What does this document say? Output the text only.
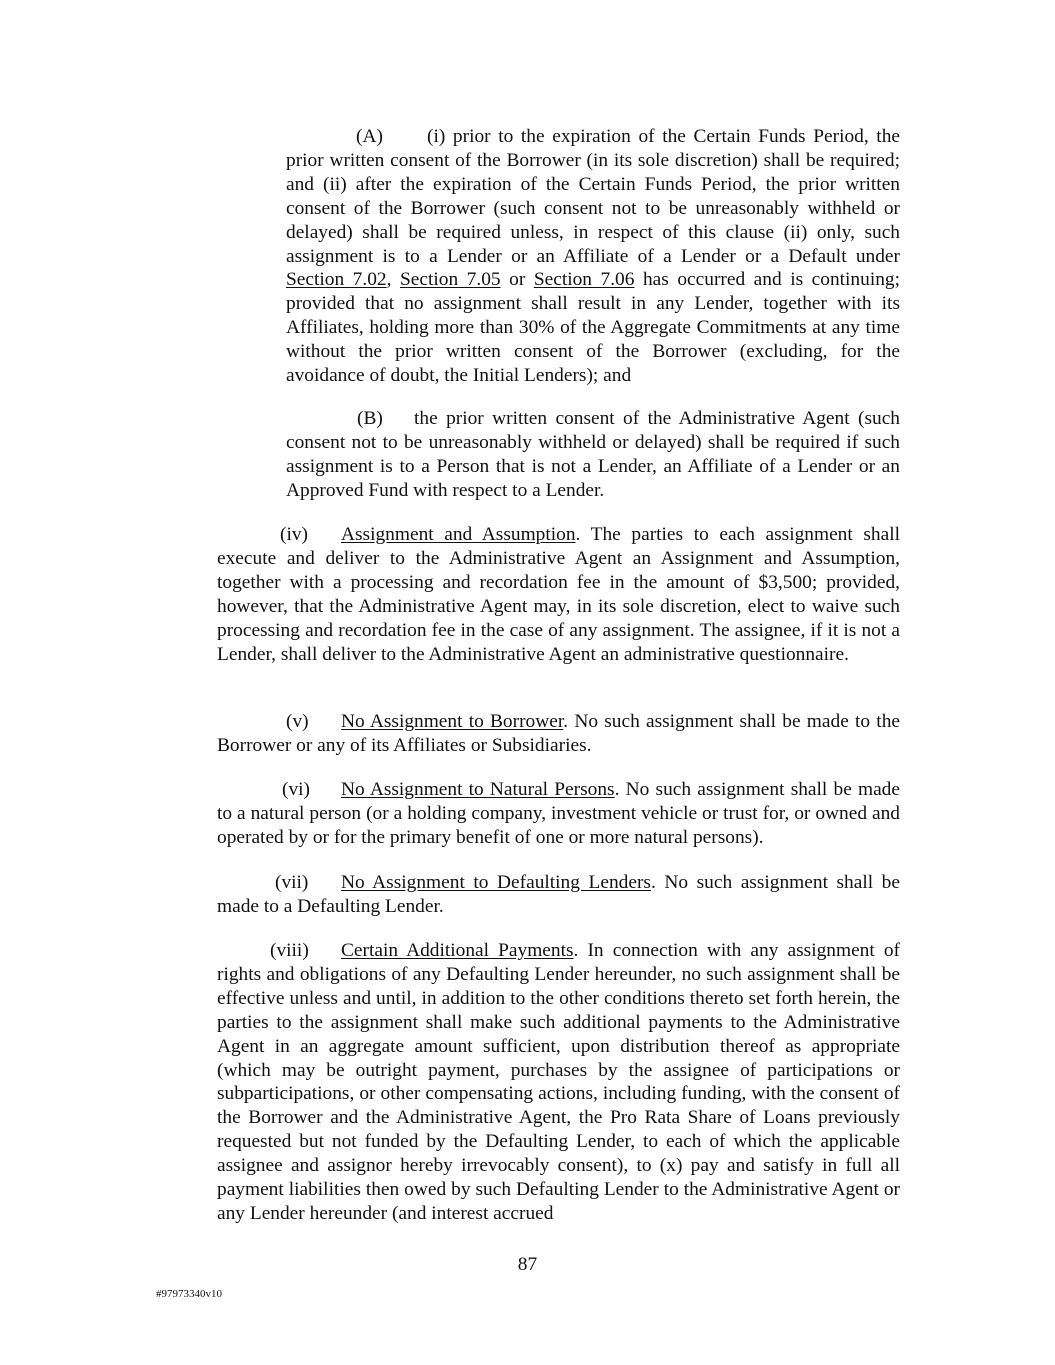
(A) (i) prior to the expiration of the Certain Funds Period, the prior written consent of the Borrower (in its sole discretion) shall be required; and (ii) after the expiration of the Certain Funds Period, the prior written consent of the Borrower (such consent not to be unreasonably withheld or delayed) shall be required unless, in respect of this clause (ii) only, such assignment is to a Lender or an Affiliate of a Lender or a Default under Section 7.02, Section 7.05 or Section 7.06 has occurred and is continuing; provided that no assignment shall result in any Lender, together with its Affiliates, holding more than 30% of the Aggregate Commitments at any time without the prior written consent of the Borrower (excluding, for the avoidance of doubt, the Initial Lenders); and

(B) the prior written consent of the Administrative Agent (such consent not to be unreasonably withheld or delayed) shall be required if such assignment is to a Person that is not a Lender, an Affiliate of a Lender or an Approved Fund with respect to a Lender.

(iv) Assignment and Assumption. The parties to each assignment shall execute and deliver to the Administrative Agent an Assignment and Assumption, together with a processing and recordation fee in the amount of $3,500; provided, however, that the Administrative Agent may, in its sole discretion, elect to waive such processing and recordation fee in the case of any assignment. The assignee, if it is not a Lender, shall deliver to the Administrative Agent an administrative questionnaire.

(v) No Assignment to Borrower. No such assignment shall be made to the Borrower or any of its Affiliates or Subsidiaries.

(vi) No Assignment to Natural Persons. No such assignment shall be made to a natural person (or a holding company, investment vehicle or trust for, or owned and operated by or for the primary benefit of one or more natural persons).

(vii) No Assignment to Defaulting Lenders. No such assignment shall be made to a Defaulting Lender.

(viii) Certain Additional Payments. In connection with any assignment of rights and obligations of any Defaulting Lender hereunder, no such assignment shall be effective unless and until, in addition to the other conditions thereto set forth herein, the parties to the assignment shall make such additional payments to the Administrative Agent in an aggregate amount sufficient, upon distribution thereof as appropriate (which may be outright payment, purchases by the assignee of participations or subparticipations, or other compensating actions, including funding, with the consent of the Borrower and the Administrative Agent, the Pro Rata Share of Loans previously requested but not funded by the Defaulting Lender, to each of which the applicable assignee and assignor hereby irrevocably consent), to (x) pay and satisfy in full all payment liabilities then owed by such Defaulting Lender to the Administrative Agent or any Lender hereunder (and interest accrued

87
#97973340v10
